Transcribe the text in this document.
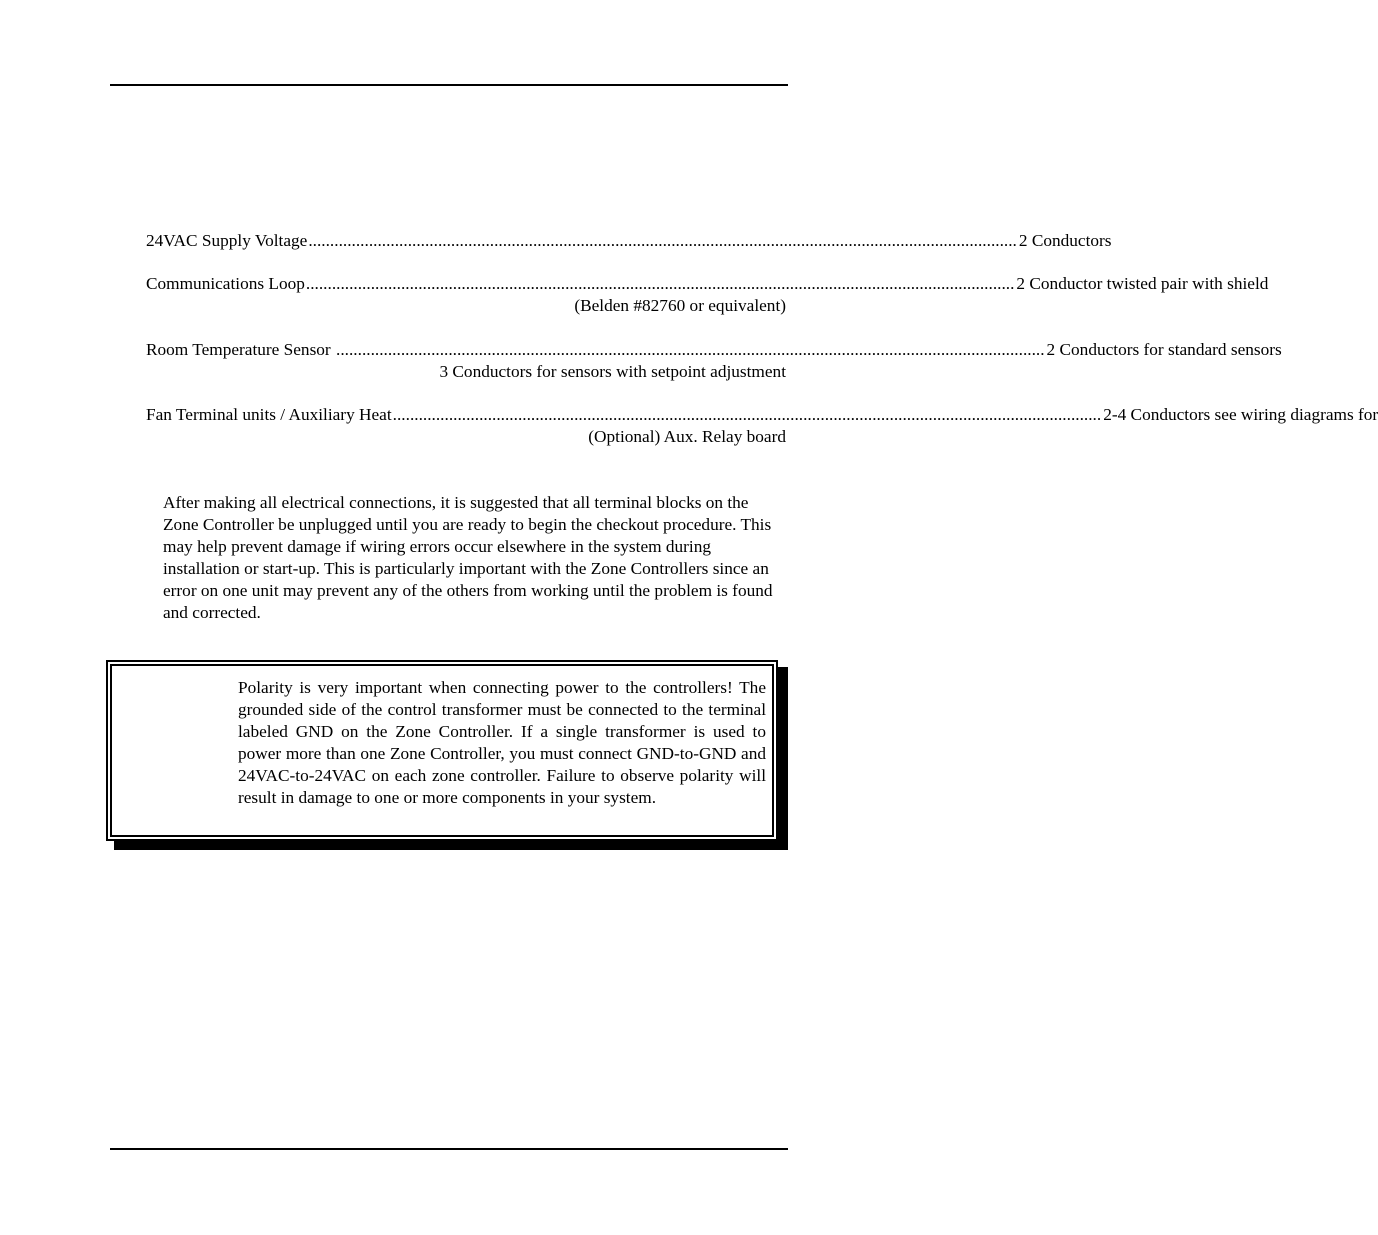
24VAC Supply Voltage .................................................................................................................................................................... 2 Conductors
Communications Loop .................................................................................................................................................................... 2 Conductor twisted pair with shield
(Belden #82760 or equivalent)
Room Temperature Sensor .................................................................................................................................................................... 2 Conductors for standard sensors
3 Conductors for sensors with setpoint adjustment
Fan Terminal units / Auxiliary Heat .................................................................................................................................................................... 2-4 Conductors see wiring diagrams for
(Optional) Aux. Relay board
After making all electrical connections, it is suggested that all terminal blocks on the Zone Controller be unplugged until you are ready to begin the checkout procedure. This may help prevent damage if wiring errors occur elsewhere in the system during installation or start-up. This is particularly important with the Zone Controllers since an error on one unit may prevent any of the others from working until the problem is found and corrected.
Polarity is very important when connecting power to the controllers! The grounded side of the control transformer must be connected to the terminal labeled GND on the Zone Controller. If a single transformer is used to power more than one Zone Controller, you must connect GND-to-GND and 24VAC-to-24VAC on each zone controller. Failure to observe polarity will result in damage to one or more components in your system.
